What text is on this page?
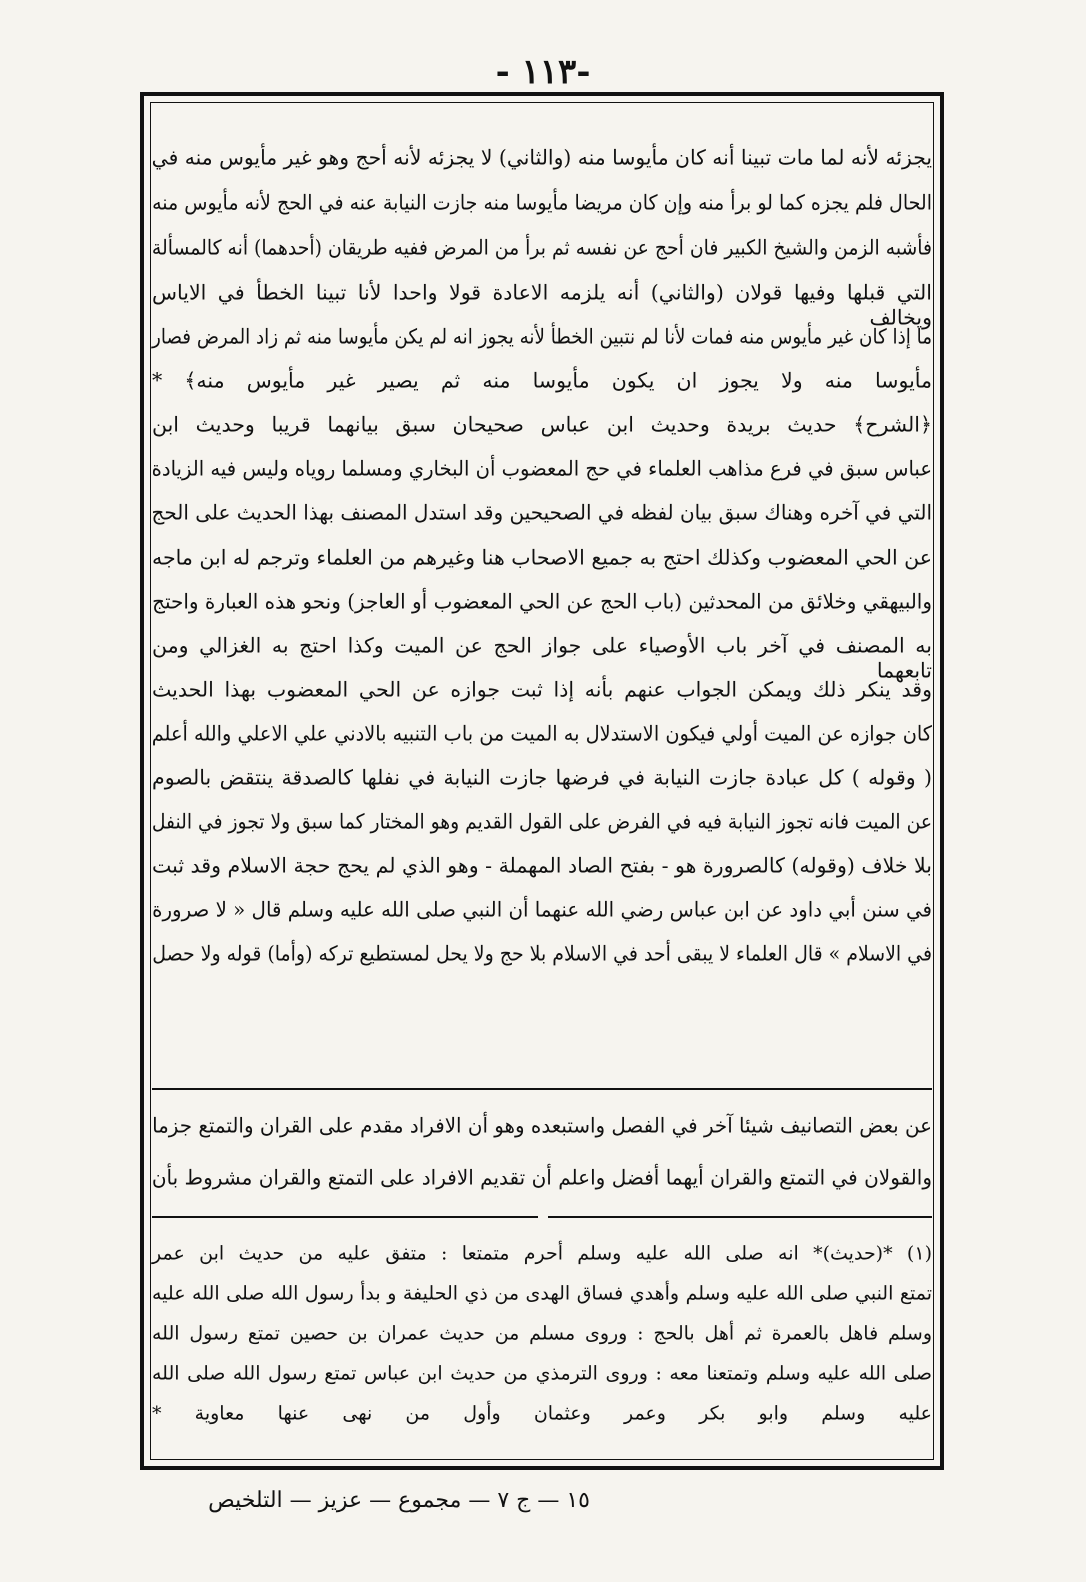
- ١١٣-
يجزئه لأنه لما مات تبينا أنه كان مأيوسا منه (والثاني) لا يجزئه لأنه أحج وهو غير مأيوس منه في
الحال فلم يجزه كما لو برأ منه وإن كان مريضا مأيوسا منه جازت النيابة عنه في الحج لأنه مأيوس منه
فأشبه الزمن والشيخ الكبير فان أحج عن نفسه ثم برأ من المرض ففيه طريقان (أحدهما) أنه كالمسألة
التي قبلها وفيها قولان (والثاني) أنه يلزمه الاعادة قولا واحدا لأنا تبينا الخطأ في الاياس ويخالف
ما إذا كان غير مأيوس منه فمات لأنا لم نتبين الخطأ لأنه يجوز انه لم يكن مأيوسا منه ثم زاد المرض فصار
مأيوسا منه ولا يجوز ان يكون مأيوسا منه ثم يصير غير مأيوس منه﴾ *
﴿الشرح﴾ حديث بريدة وحديث ابن عباس صحيحان سبق بيانهما قريبا وحديث ابن
عباس سبق في فرع مذاهب العلماء في حج المعضوب أن البخاري ومسلما روياه وليس فيه الزيادة
التي في آخره وهناك سبق بيان لفظه في الصحيحين وقد استدل المصنف بهذا الحديث على الحج
عن الحي المعضوب وكذلك احتج به جميع الاصحاب هنا وغيرهم من العلماء وترجم له ابن ماجه
والبيهقي وخلائق من المحدثين (باب الحج عن الحي المعضوب أو العاجز) ونحو هذه العبارة واحتج
به المصنف في آخر باب الأوصياء على جواز الحج عن الميت وكذا احتج به الغزالي ومن تابعهما
وقد ينكر ذلك ويمكن الجواب عنهم بأنه إذا ثبت جوازه عن الحي المعضوب بهذا الحديث
كان جوازه عن الميت أولي فيكون الاستدلال به الميت من باب التنبيه بالادني علي الاعلي والله أعلم
( وقوله ) كل عبادة جازت النيابة في فرضها جازت النيابة في نفلها كالصدقة ينتقض بالصوم
عن الميت فانه تجوز النيابة فيه في الفرض على القول القديم وهو المختار كما سبق ولا تجوز في النفل
بلا خلاف (وقوله) كالصرورة هو - بفتح الصاد المهملة - وهو الذي لم يحج حجة الاسلام وقد ثبت
في سنن أبي داود عن ابن عباس رضي الله عنهما أن النبي صلى الله عليه وسلم قال « لا صرورة
في الاسلام » قال العلماء لا يبقى أحد في الاسلام بلا حج ولا يحل لمستطيع تركه (وأما) قوله ولا حصل
عن بعض التصانيف شيئا آخر في الفصل واستبعده وهو أن الافراد مقدم على القران والتمتع جزما
والقولان في التمتع والقران أيهما أفضل واعلم أن تقديم الافراد على التمتع والقران مشروط بأن
(١) *(حديث)* انه صلى الله عليه وسلم أحرم متمتعا : متفق عليه من حديث ابن عمر
تمتع النبي صلى الله عليه وسلم وأهدي فساق الهدى من ذي الحليفة و بدأ رسول الله صلى الله عليه
وسلم فاهل بالعمرة ثم أهل بالحج : وروى مسلم من حديث عمران بن حصين تمتع رسول الله
صلى الله عليه وسلم وتمتعنا معه : وروى الترمذي من حديث ابن عباس تمتع رسول الله صلى الله
عليه وسلم وابو بكر وعمر وعثمان وأول من نهى عنها معاوية *
١٥ — ج ٧ — مجموع — عزيز — التلخيص
